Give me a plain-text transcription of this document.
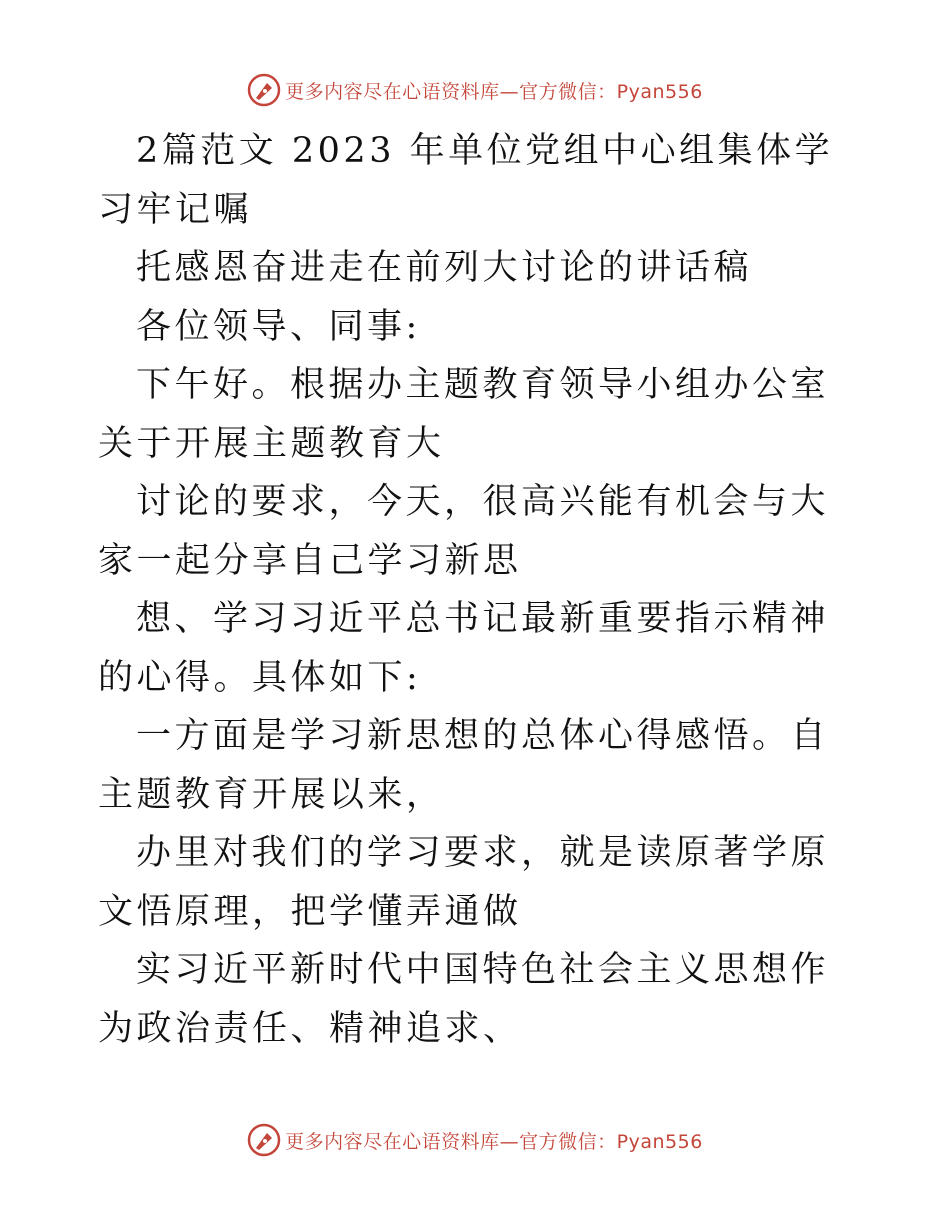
更多内容尽在心语资料库—官方微信：Pyan556

2篇范文 2023 年单位党组中心组集体学习牢记嘱

托感恩奋进走在前列大讨论的讲话稿

各位领导、同事:

下午好。根据办主题教育领导小组办公室关于开展主题教育大

讨论的要求，今天，很高兴能有机会与大家一起分享自己学习新思

想、学习习近平总书记最新重要指示精神的心得。具体如下:

一方面是学习新思想的总体心得感悟。自主题教育开展以来，

办里对我们的学习要求，就是读原著学原文悟原理，把学懂弄通做

实习近平新时代中国特色社会主义思想作为政治责任、精神追求、

更多内容尽在心语资料库—官方微信：Pyan556
